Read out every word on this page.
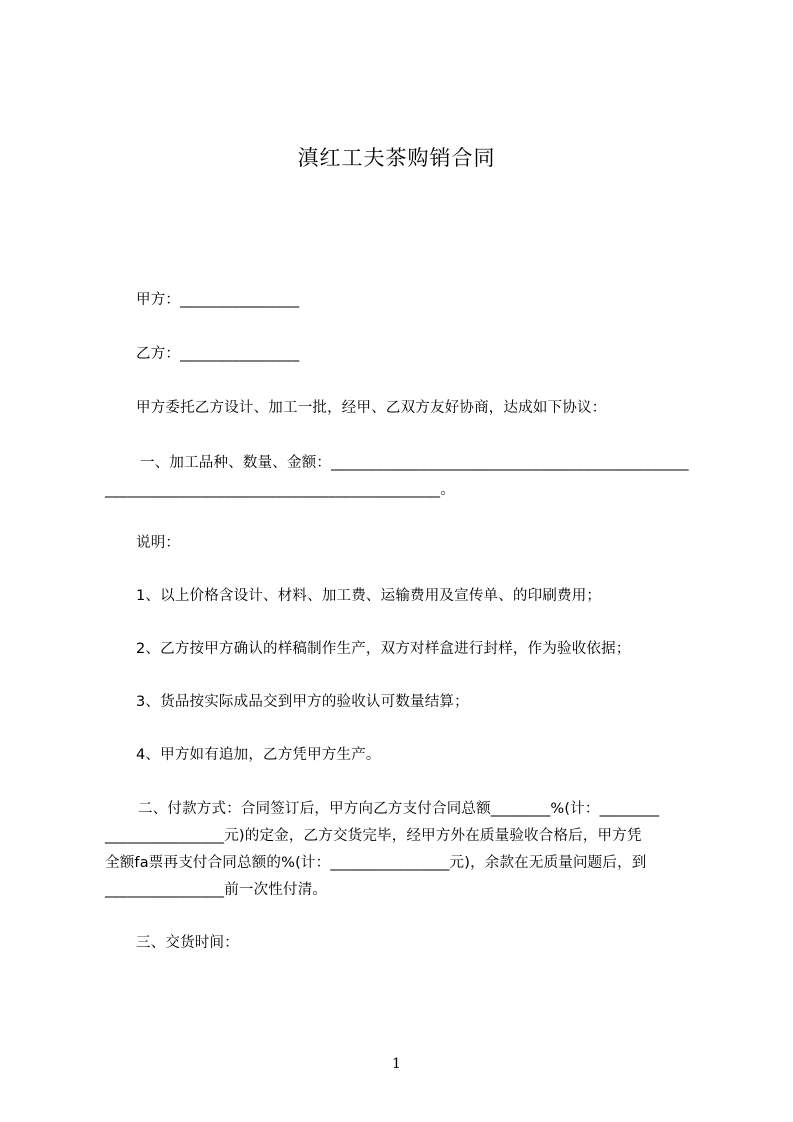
滇红工夫茶购销合同
甲方：________________
乙方：________________
甲方委托乙方设计、加工一批，经甲、乙双方友好协商，达成如下协议：
一、加工品种、数量、金额：________________________________________________
_____________________________________________。
说明：
1、以上价格含设计、材料、加工费、运输费用及宣传单、的印刷费用；
2、乙方按甲方确认的样稿制作生产，双方对样盒进行封样，作为验收依据；
3、货品按实际成品交到甲方的验收认可数量结算；
4、甲方如有追加，乙方凭甲方生产。
二、付款方式：合同签订后，甲方向乙方支付合同总额________%(计：________
________________元)的定金，乙方交货完毕，经甲方外在质量验收合格后，甲方凭
全额fa票再支付合同总额的%(计：________________元)，余款在无质量问题后，到
________________前一次性付清。
三、交货时间：
1
